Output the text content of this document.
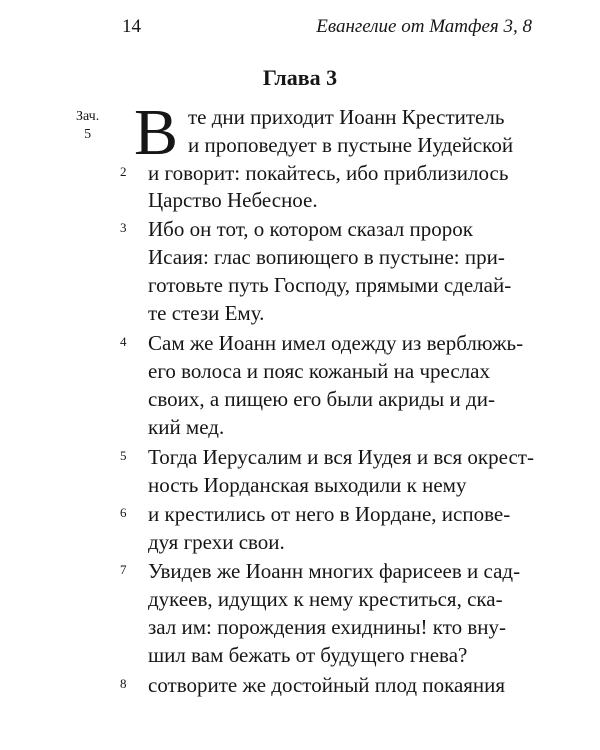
14	Евангелие от Матфея 3, 8
Глава 3
Зач.
5 В те дни приходит Иоанн Креститель
и проповедует в пустыне Иудейской
2 и говорит: покайтесь, ибо приблизилось
Царство Небесное.
3 Ибо он тот, о котором сказал пророк
Исаия: глас вопиющего в пустыне: при-
готовьте путь Господу, прямыми сделай-
те стези Ему.
4 Сам же Иоанн имел одежду из верблюжь-
его волоса и пояс кожаный на чреслах
своих, а пищею его были акриды и ди-
кий мед.
5 Тогда Иерусалим и вся Иудея и вся окрест-
ность Иорданская выходили к нему
6 и крестились от него в Иордане, испове-
дуя грехи свои.
7 Увидев же Иоанн многих фарисеев и сад-
дукеев, идущих к нему креститься, ска-
зал им: порождения ехиднины! кто вну-
шил вам бежать от будущего гнева?
8 сотворите же достойный плод покаяния
